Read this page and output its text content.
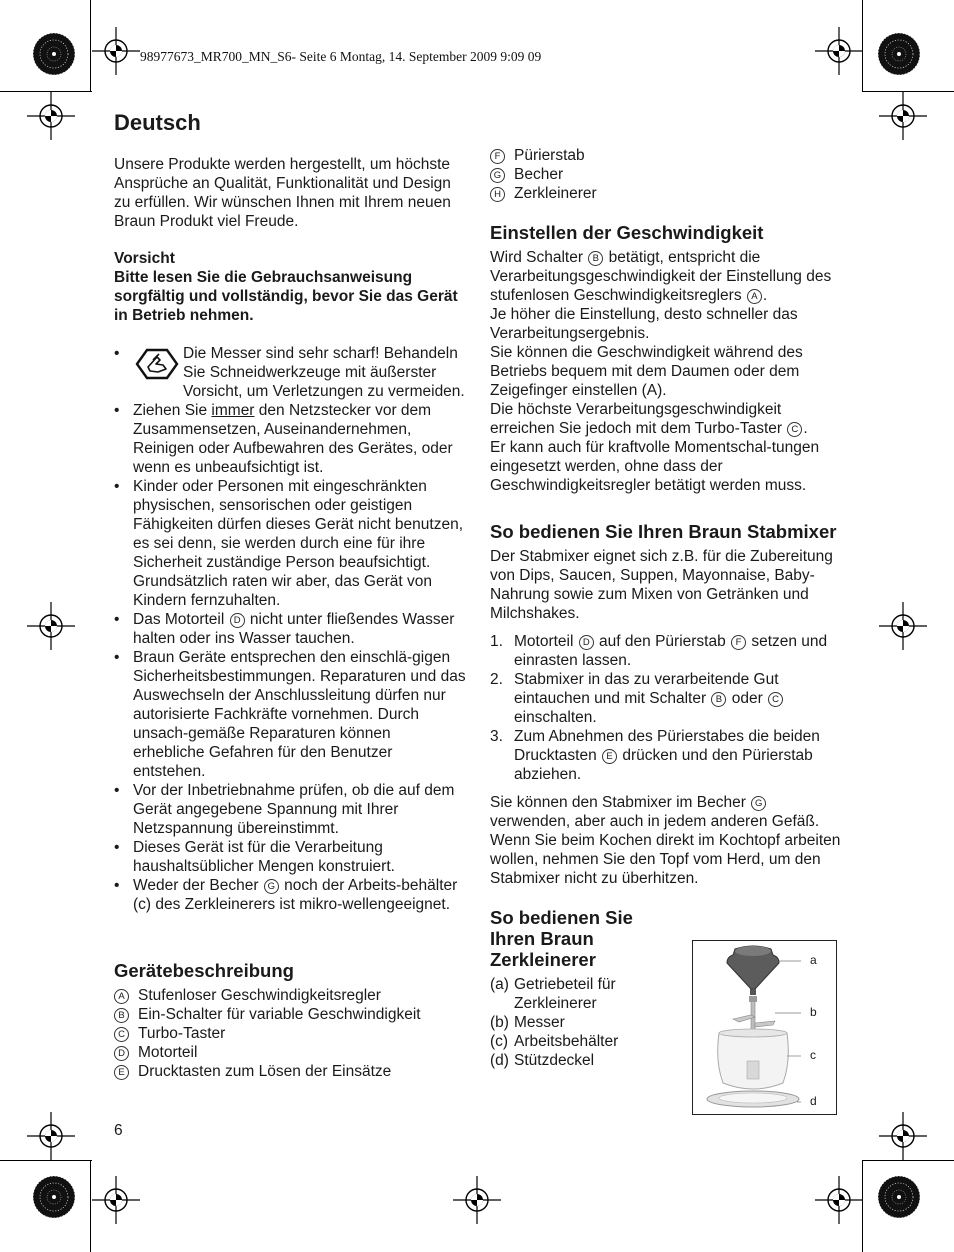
98977673_MR700_MN_S6- Seite 6 Montag, 14. September 2009 9:09 09
Deutsch

Unsere Produkte werden hergestellt, um höchste Ansprüche an Qualität, Funktionalität und Design zu erfüllen. Wir wünschen Ihnen mit Ihrem neuen Braun Produkt viel Freude.

Vorsicht

Bitte lesen Sie die Gebrauchsanweisung sorgfältig und vollständig, bevor Sie das Gerät in Betrieb nehmen.

• Die Messer sind sehr scharf! Behandeln Sie Schneidwerkzeuge mit äußerster Vorsicht, um Verletzungen zu vermeiden.
• Ziehen Sie immer den Netzstecker vor dem Zusammensetzen, Auseinandernehmen, Reinigen oder Aufbewahren des Gerätes, oder wenn es unbeaufsichtigt ist.
• Kinder oder Personen mit eingeschränkten physischen, sensorischen oder geistigen Fähigkeiten dürfen dieses Gerät nicht benutzen, es sei denn, sie werden durch eine für ihre Sicherheit zuständige Person beaufsichtigt. Grundsätzlich raten wir aber, das Gerät von Kindern fernzuhalten.
• Das Motorteil D nicht unter fließendes Wasser halten oder ins Wasser tauchen.
• Braun Geräte entsprechen den einschlä-gigen Sicherheitsbestimmungen. Reparaturen und das Auswechseln der Anschlussleitung dürfen nur autorisierte Fachkräfte vornehmen. Durch unsach-gemäße Reparaturen können erhebliche Gefahren für den Benutzer entstehen.
• Vor der Inbetriebnahme prüfen, ob die auf dem Gerät angegebene Spannung mit Ihrer Netzspannung übereinstimmt.
• Dieses Gerät ist für die Verarbeitung haushaltsüblicher Mengen konstruiert.
• Weder der Becher G noch der Arbeits-behälter (c) des Zerkleinerers ist mikro-wellengeeignet.
Gerätebeschreibung
A Stufenloser Geschwindigkeitsregler
B Ein-Schalter für variable Geschwindigkeit
C Turbo-Taster
D Motorteil
E Drucktasten zum Lösen der Einsätze
6
F Pürierstab
G Becher
H Zerkleinerer
Einstellen der Geschwindigkeit

Wird Schalter B betätigt, entspricht die Verarbeitungsgeschwindigkeit der Einstellung des stufenlosen Geschwindigkeitsreglers A .

Je höher die Einstellung, desto schneller das Verarbeitungsergebnis.

Sie können die Geschwindigkeit während des Betriebs bequem mit dem Daumen oder dem Zeigefinger einstellen (A).

Die höchste Verarbeitungsgeschwindigkeit erreichen Sie jedoch mit dem Turbo-Taster C .

Er kann auch für kraftvolle Momentschal-tungen eingesetzt werden, ohne dass der Geschwindigkeitsregler betätigt werden muss.

So bedienen Sie Ihren Braun Stabmixer

Der Stabmixer eignet sich z.B. für die Zubereitung von Dips, Saucen, Suppen, Mayonnaise, Baby-Nahrung sowie zum Mixen von Getränken und Milchshakes.

1. Motorteil D auf den Pürierstab F setzen und einrasten lassen.
2. Stabmixer in das zu verarbeitende Gut eintauchen und mit Schalter B oder C einschalten.
3. Zum Abnehmen des Pürierstabes die beiden Drucktasten E drücken und den Pürierstab abziehen.

Sie können den Stabmixer im Becher G verwenden, aber auch in jedem anderen Gefäß. Wenn Sie beim Kochen direkt im Kochtopf arbeiten wollen, nehmen Sie den Topf vom Herd, um den Stabmixer nicht zu überhitzen.

So bedienen Sie Ihren Braun Zerkleinerer
(a) Getriebeteil für Zerkleinerer
(b) Messer
(c) Arbeitsbehälter
(d) Stützdeckel
a
b
c
d
